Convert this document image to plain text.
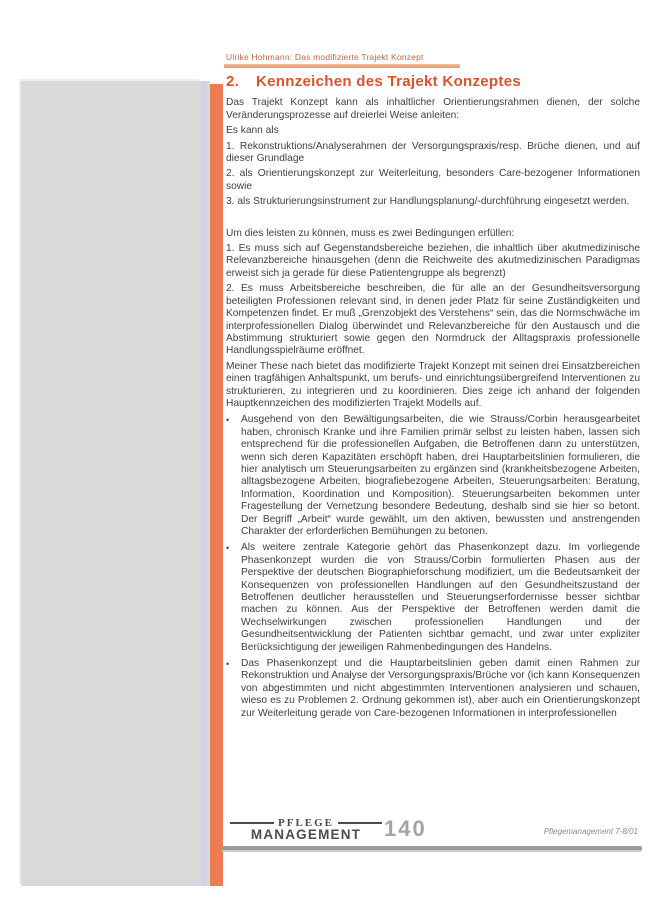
Ulrike Hohmann: Das modifizierte Trajekt Konzept
2. Kennzeichen des Trajekt Konzeptes

Das Trajekt Konzept kann als inhaltlicher Orientierungsrahmen dienen, der solche Veränderungsprozesse auf dreierlei Weise anleiten:

Es kann als

1. Rekonstruktions/Analyserahmen der Versorgungspraxis/resp. Brüche dienen, und auf dieser Grundlage

2. als Orientierungskonzept zur Weiterleitung, besonders Care-bezogener Informationen sowie

3. als Strukturierungsinstrument zur Handlungsplanung/-durchführung eingesetzt werden.

Um dies leisten zu können, muss es zwei Bedingungen erfüllen:

1. Es muss sich auf Gegenstandsbereiche beziehen, die inhaltlich über akutmedizinische Relevanzbereiche hinausgehen (denn die Reichweite des akutmedizinischen Paradigmas erweist sich ja gerade für diese Patientengruppe als begrenzt)

2. Es muss Arbeitsbereiche beschreiben, die für alle an der Gesundheitsversorgung beteiligten Professionen relevant sind, in denen jeder Platz für seine Zuständigkeiten und Kompetenzen findet. Er muß „Grenzobjekt des Verstehens“ sein, das die Normschwäche im interprofessionellen Dialog überwindet und Relevanzbereiche für den Austausch und die Abstimmung strukturiert sowie gegen den Normdruck der Alltagspraxis professionelle Handlungsspielräume eröffnet.

Meiner These nach bietet das modifizierte Trajekt Konzept mit seinen drei Einsatzbereichen einen tragfähigen Anhaltspunkt, um berufs- und einrichtungsübergreifend Interventionen zu strukturieren, zu integrieren und zu koordinieren. Dies zeige ich anhand der folgenden Hauptkennzeichen des modifizierten Trajekt Modells auf.

•	Ausgehend von den Bewältigungsarbeiten, die wie Strauss/Corbin herausgearbeitet haben, chronisch Kranke und ihre Familien primär selbst zu leisten haben, lassen sich entsprechend für die professionellen Aufgaben, die Betroffenen dann zu unterstützen, wenn sich deren Kapazitäten erschöpft haben, drei Hauptarbeitslinien formulieren, die hier analytisch um Steuerungsarbeiten zu ergänzen sind (krankheitsbezogene Arbeiten, alltagsbezogene Arbeiten, biografiebezogene Arbeiten, Steuerungsarbeiten: Beratung, Information, Koordination und Komposition). Steuerungsarbeiten bekommen unter Fragestellung der Vernetzung besondere Bedeutung, deshalb sind sie hier so betont. Der Begriff „Arbeit“ wurde gewählt, um den aktiven, bewussten und anstrengenden Charakter der erforderlichen Bemühungen zu betonen.
•	Als weitere zentrale Kategorie gehört das Phasenkonzept dazu. Im vorliegende Phasenkonzept wurden die von Strauss/Corbin formulierten Phasen aus der Perspektive der deutschen Biographieforschung modifiziert, um die Bedeutsamkeit der Konsequenzen von professionellen Handlungen auf den Gesundheitszustand der Betroffenen deutlicher herausstellen und Steuerungserfordernisse besser sichtbar machen zu können. Aus der Perspektive der Betroffenen werden damit die Wechselwirkungen zwischen professionellen Handlungen und der Gesundheitsentwicklung der Patienten sichtbar gemacht, und zwar unter expliziter Berücksichtigung der jeweiligen Rahmenbedingungen des Handelns.
•	Das Phasenkonzept und die Hauptarbeitslinien geben damit einen Rahmen zur Rekonstruktion und Analyse der Versorgungspraxis/Brüche vor (ich kann Konsequenzen von abgestimmten und nicht abgestimmten Interventionen analysieren und schauen, wieso es zu Problemen 2. Ordnung gekommen ist), aber auch ein Orientierungskonzept zur Weiterleitung gerade von Care-bezogenen Informationen in interprofessionellen
PFLEGE
MANAGEMENT	140	Pflegemanagement 7-8/01
